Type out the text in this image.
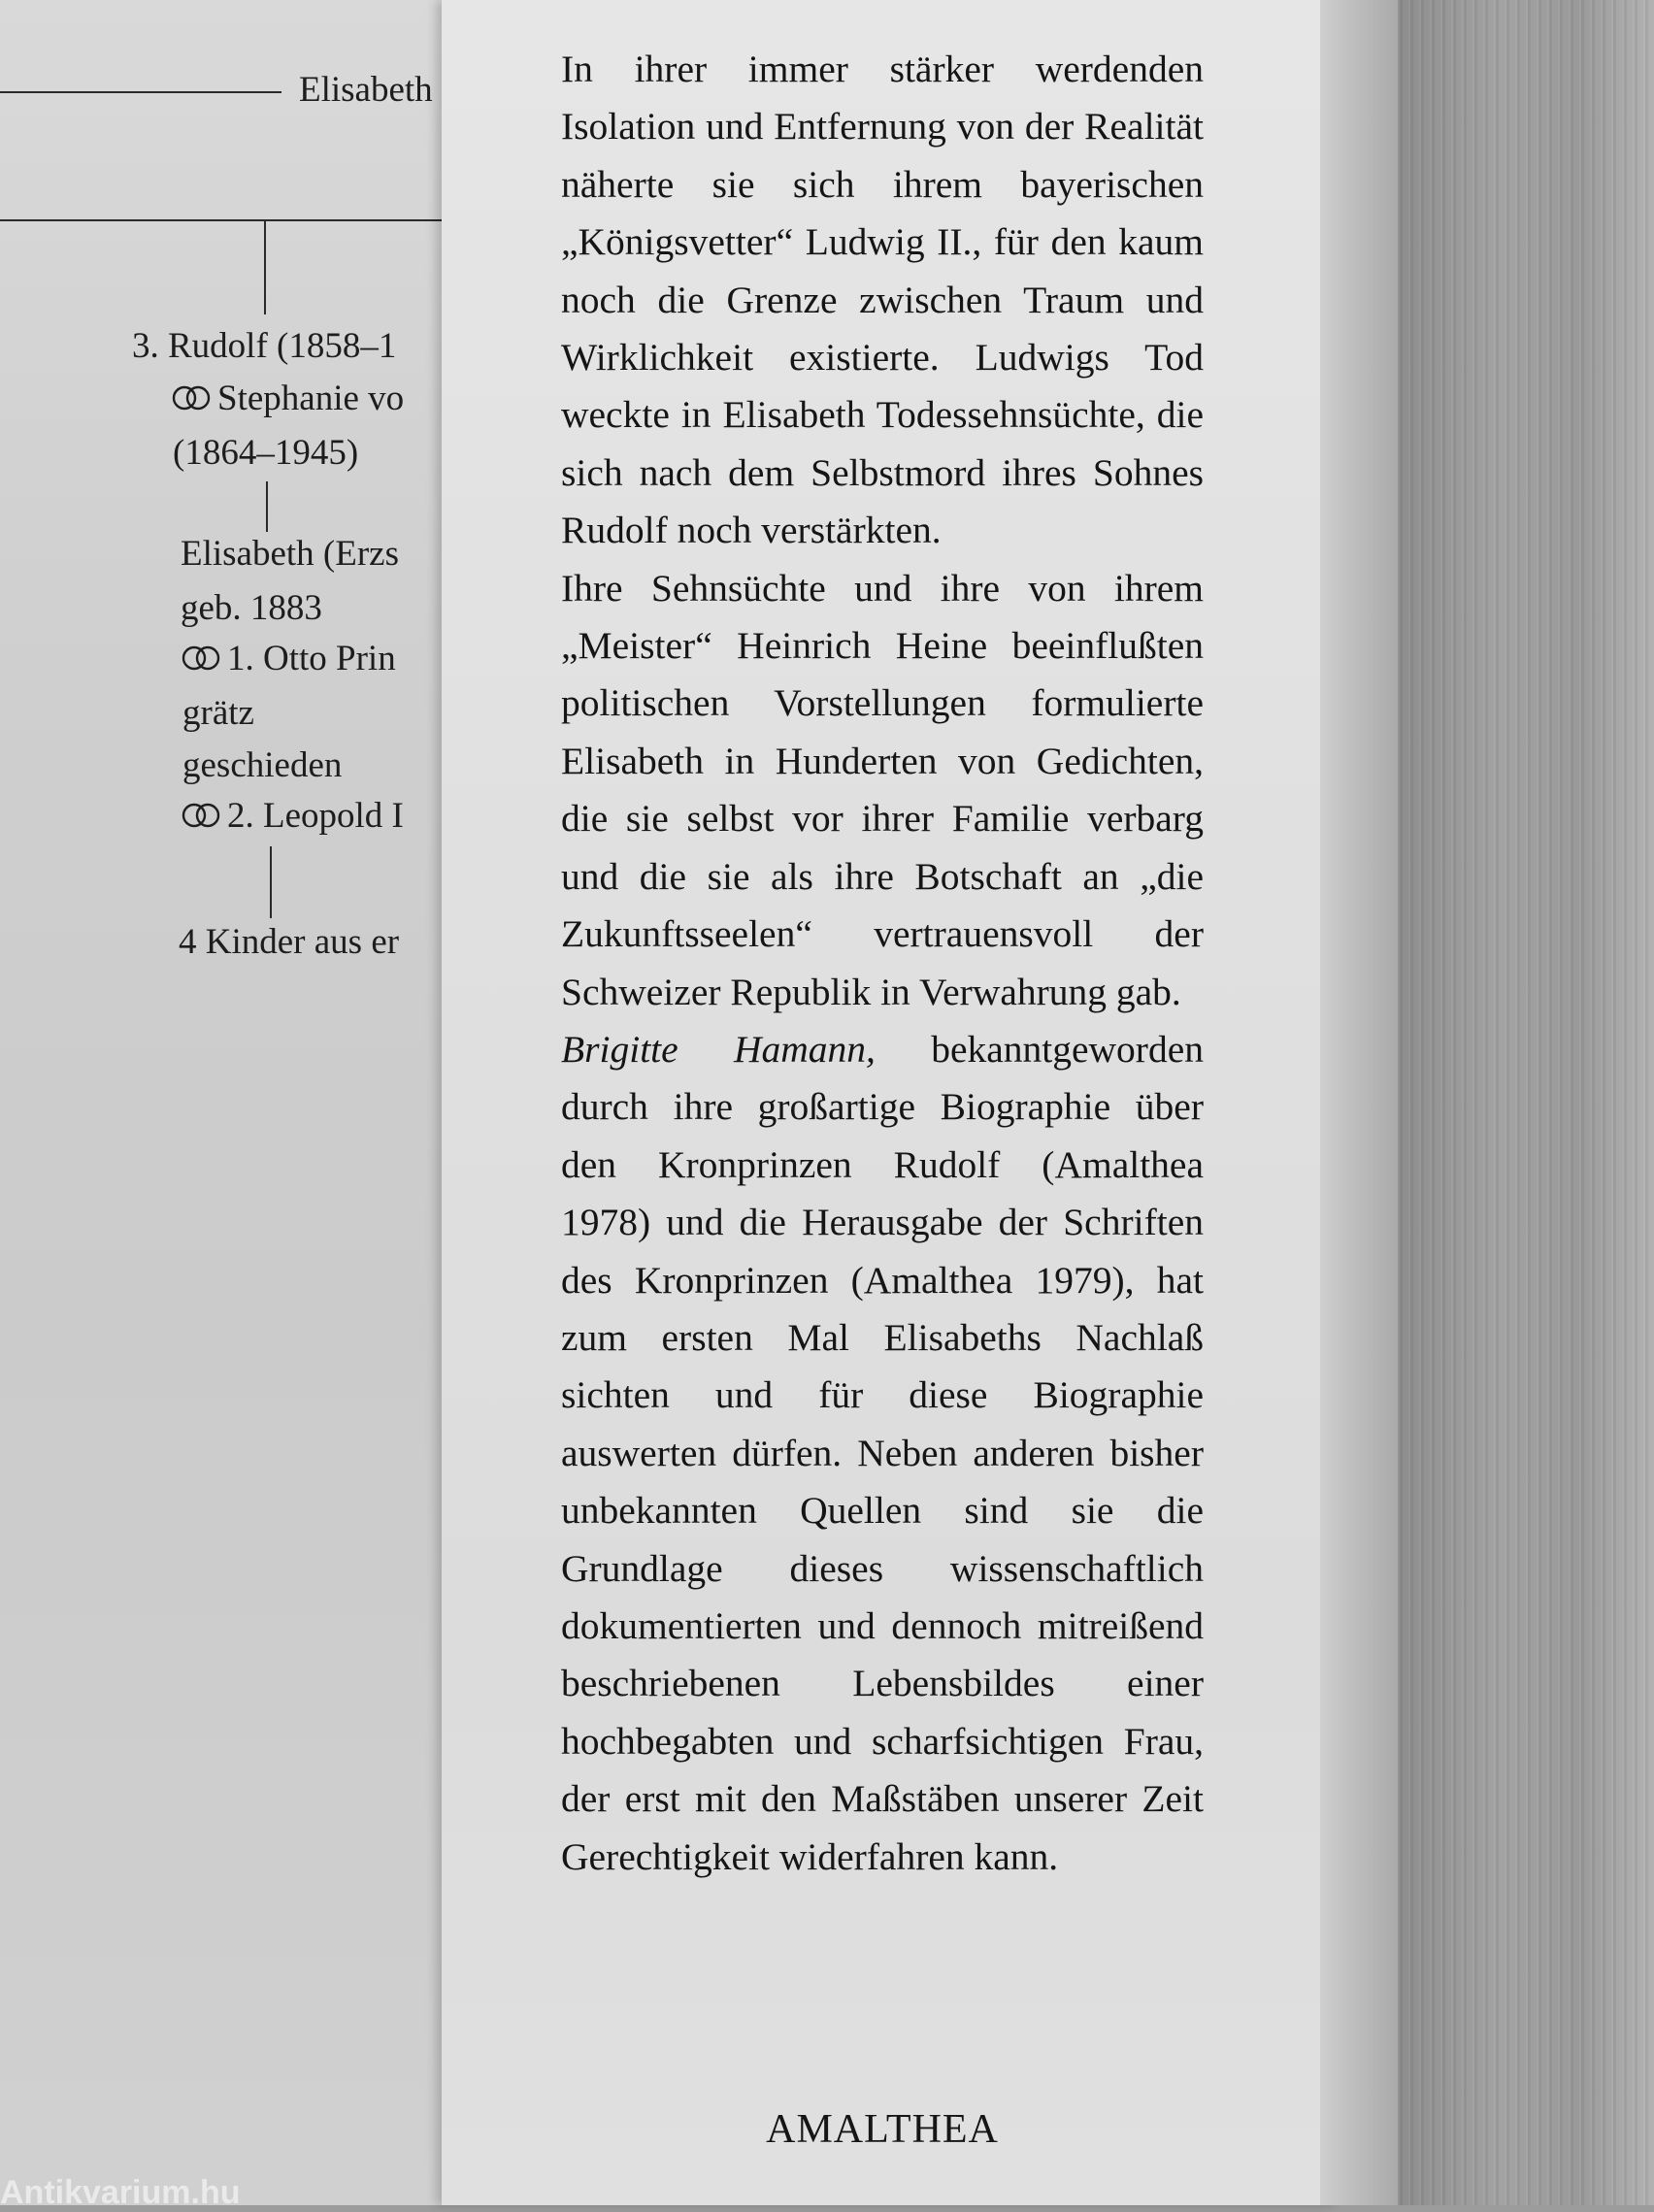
Elisabeth
3. Rudolf (1858–1
Stephanie vo
(1864–1945)
Elisabeth (Erzs
geb. 1883
1. Otto Prin
grätz
geschieden
2. Leopold I
4 Kinder aus er

In ihrer immer stärker werdenden Isolation und Entfernung von der Realität näherte sie sich ihrem bayerischen „Königsvetter“ Ludwig II., für den kaum noch die Grenze zwischen Traum und Wirklichkeit existierte. Ludwigs Tod weckte in Elisabeth Todessehnsüchte, die sich nach dem Selbstmord ihres Sohnes Rudolf noch verstärkten.

Ihre Sehnsüchte und ihre von ihrem „Meister“ Heinrich Heine beeinflußten politischen Vorstellungen formulierte Elisabeth in Hunderten von Gedichten, die sie selbst vor ihrer Familie verbarg und die sie als ihre Botschaft an „die Zukunftsseelen“ vertrauensvoll der Schweizer Republik in Verwahrung gab.

Brigitte Hamann, bekanntgeworden durch ihre großartige Biographie über den Kronprinzen Rudolf (Amalthea 1978) und die Herausgabe der Schriften des Kronprinzen (Amalthea 1979), hat zum ersten Mal Elisabeths Nachlaß sichten und für diese Biographie auswerten dürfen. Neben anderen bisher unbekannten Quellen sind sie die Grundlage dieses wissenschaftlich dokumentierten und dennoch mitreißend beschriebenen Lebensbildes einer hochbegabten und scharfsichtigen Frau, der erst mit den Maßstäben unserer Zeit Gerechtigkeit widerfahren kann.

AMALTHEA
Antikvarium.hu
